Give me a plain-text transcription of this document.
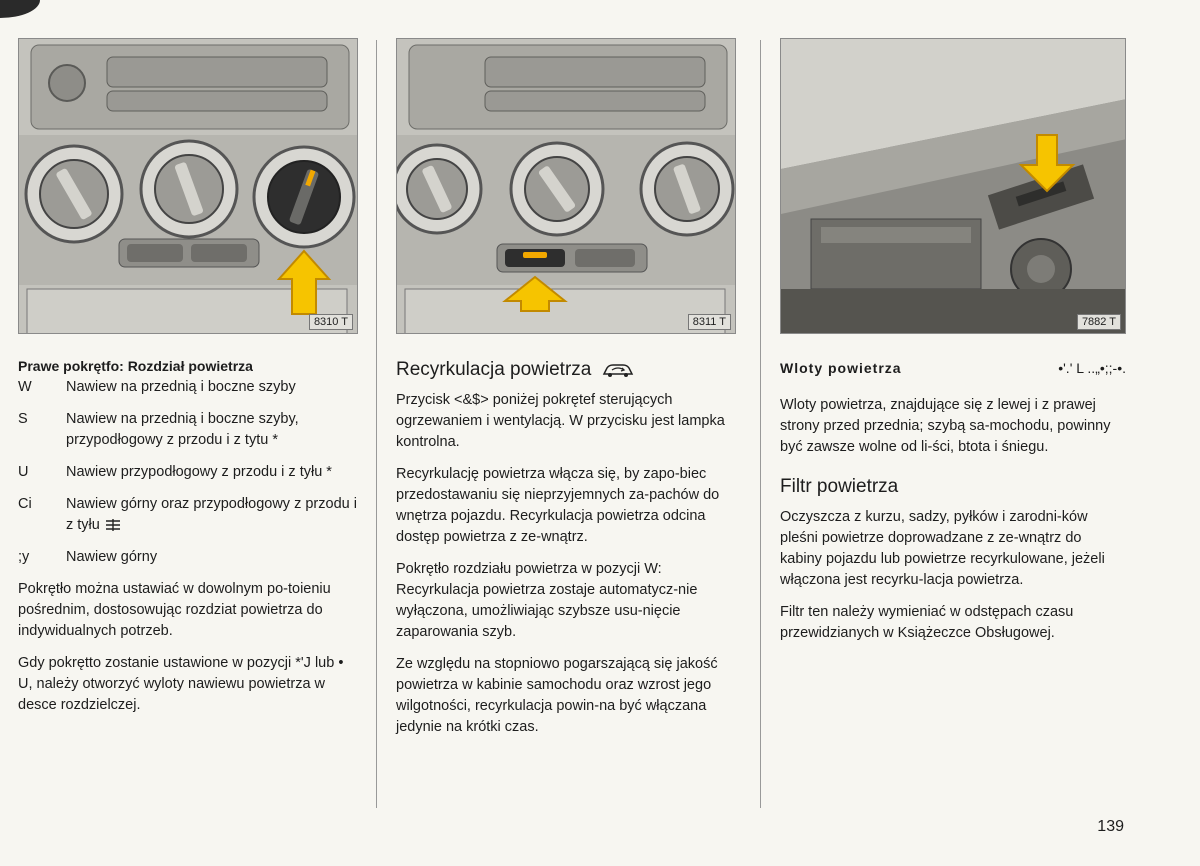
8310 T
Prawe pokrętfo: Rozdział powietrza
W	Nawiew na przednią i boczne szyby
S	Nawiew na przednią i boczne szyby, przypodłogowy z przodu i z tytu *
U	Nawiew przypodłogowy z przodu i z tyłu *
Ci	Nawiew górny oraz przypodłogowy z przodu i z tyłu
;y	Nawiew górny

Pokrętło można ustawiać w dowolnym po-toieniu pośrednim, dostosowując rozdziat powietrza do indywidualnych potrzeb.

Gdy pokrętto zostanie ustawione w pozycji *'J lub • U, należy otworzyć wyloty nawiewu powietrza w desce rozdzielczej.

8311 T
Recyrkulacja powietrza

Przycisk <&$> poniżej pokrętef sterujących ogrzewaniem i wentylacją. W przycisku jest lampka kontrolna.

Recyrkulację powietrza włącza się, by zapo-biec przedostawaniu się nieprzyjemnych za-pachów do wnętrza pojazdu. Recyrkulacja powietrza odcina dostęp powietrza z ze-wnątrz.

Pokrętło rozdziału powietrza w pozycji W: Recyrkulacja powietrza zostaje automatycz-nie wyłączona, umożliwiając szybsze usu-nięcie zaparowania szyb.

Ze względu na stopniowo pogarszającą się jakość powietrza w kabinie samochodu oraz wzrost jego wilgotności, recyrkulacja powin-na być włączana jedynie na krótki czas.

7882 T
Wloty powietrza	•'.' L ..„•;;-•.

Wloty powietrza, znajdujące się z lewej i z prawej strony przed przednia; szybą sa-mochodu, powinny być zawsze wolne od li-ści, btota i śniegu.

Filtr powietrza

Oczyszcza z kurzu, sadzy, pyłków i zarodni-ków pleśni powietrze doprowadzane z ze-wnątrz do kabiny pojazdu lub powietrze recyrkulowane, jeżeli włączona jest recyrku-lacja powietrza.

Filtr ten należy wymieniać w odstępach czasu przewidzianych w Książeczce Obsługowej.

139
